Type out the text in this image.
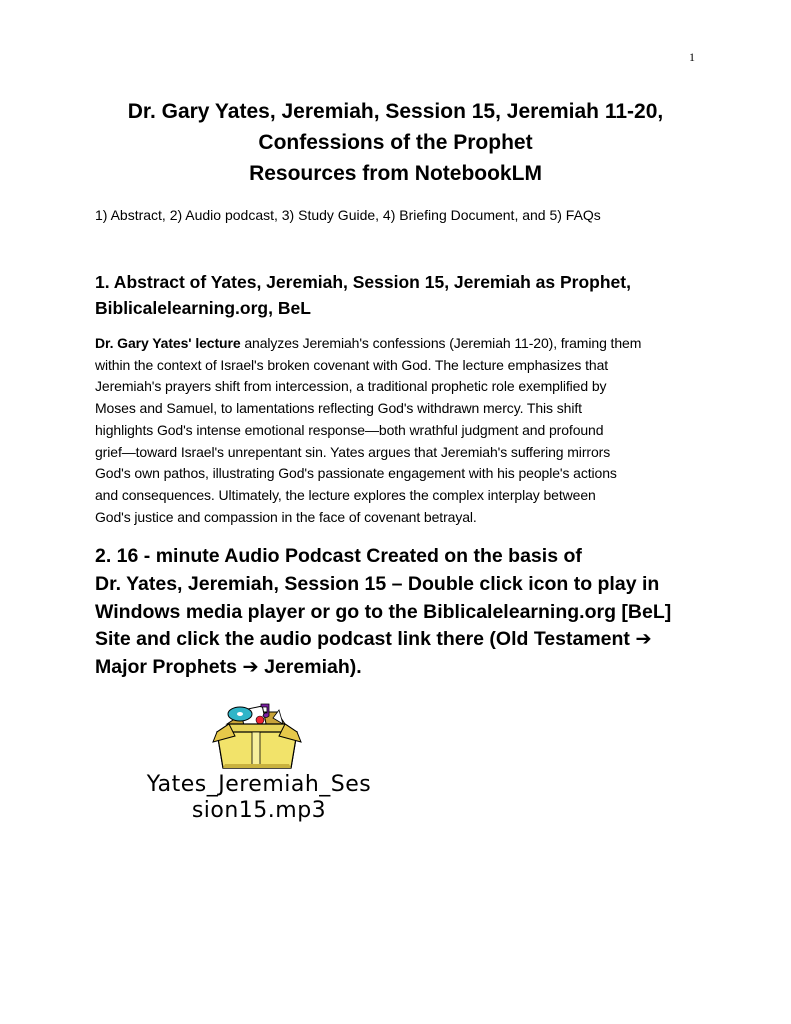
1
Dr. Gary Yates, Jeremiah, Session 15, Jeremiah 11-20,
Confessions of the Prophet
Resources from NotebookLM
1) Abstract, 2) Audio podcast, 3) Study Guide, 4) Briefing Document, and 5) FAQs
1. Abstract of Yates, Jeremiah, Session 15, Jeremiah as Prophet,
Biblicalelearning.org, BeL
Dr. Gary Yates' lecture analyzes Jeremiah's confessions (Jeremiah 11-20), framing them
within the context of Israel's broken covenant with God. The lecture emphasizes that
Jeremiah's prayers shift from intercession, a traditional prophetic role exemplified by
Moses and Samuel, to lamentations reflecting God's withdrawn mercy. This shift
highlights God's intense emotional response—both wrathful judgment and profound
grief—toward Israel's unrepentant sin. Yates argues that Jeremiah's suffering mirrors
God's own pathos, illustrating God's passionate engagement with his people's actions
and consequences. Ultimately, the lecture explores the complex interplay between
God's justice and compassion in the face of covenant betrayal.
2. 16 - minute Audio Podcast Created on the basis of
Dr. Yates, Jeremiah, Session 15 – Double click icon to play in
Windows media player or go to the Biblicalelearning.org [BeL]
Site and click the audio podcast link there (Old Testament ➔
Major Prophets ➔ Jeremiah).
Yates_Jeremiah_Ses
sion15.mp3
